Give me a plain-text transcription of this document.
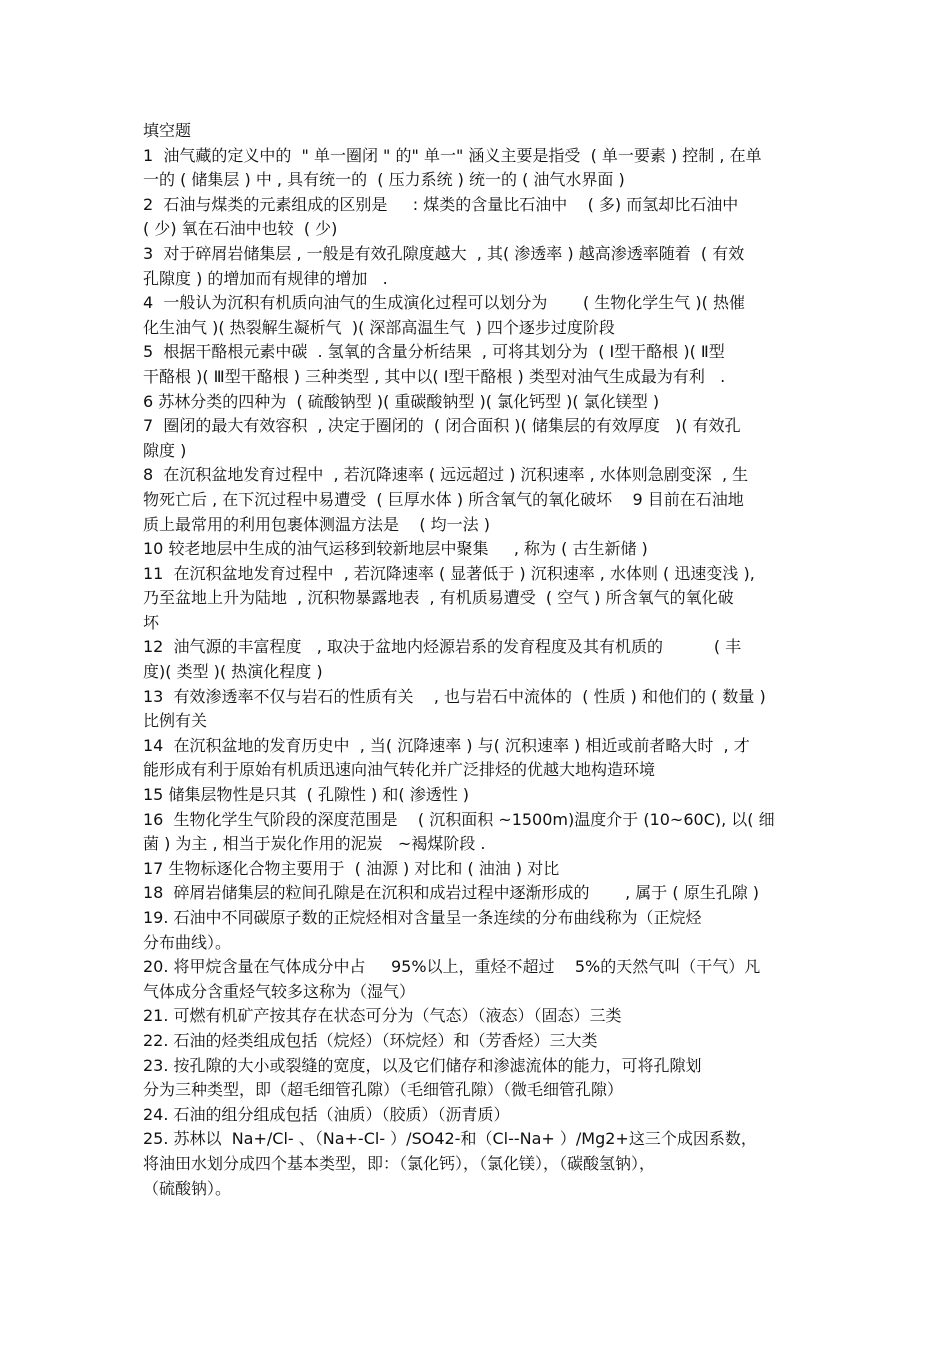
填空题
1  油气藏的定义中的  " 单一圈闭 " 的" 单一" 涵义主要是指受  ( 单一要素 ) 控制 , 在单
一的 ( 储集层 ) 中 , 具有统一的  ( 压力系统 ) 统一的 ( 油气水界面 )
2  石油与煤类的元素组成的区别是     : 煤类的含量比石油中    ( 多) 而氢却比石油中
( 少) 氧在石油中也较  ( 少)
3  对于碎屑岩储集层 , 一般是有效孔隙度越大  , 其( 渗透率 ) 越高渗透率随着  ( 有效
孔隙度 ) 的增加而有规律的增加   .
4  一般认为沉积有机质向油气的生成演化过程可以划分为       ( 生物化学生气 )( 热催
化生油气 )( 热裂解生凝析气  )( 深部高温生气  ) 四个逐步过度阶段
5  根据干酪根元素中碳  . 氢氧的含量分析结果  , 可将其划分为  ( Ⅰ型干酪根 )( Ⅱ型
干酪根 )( Ⅲ型干酪根 ) 三种类型 , 其中以( Ⅰ型干酪根 ) 类型对油气生成最为有利   .
6 苏林分类的四种为  ( 硫酸钠型 )( 重碳酸钠型 )( 氯化钙型 )( 氯化镁型 )
7  圈闭的最大有效容积  , 决定于圈闭的  ( 闭合面积 )( 储集层的有效厚度   )( 有效孔
隙度 )
8  在沉积盆地发育过程中  , 若沉降速率 ( 远远超过 ) 沉积速率 , 水体则急剧变深  , 生
物死亡后 , 在下沉过程中易遭受  ( 巨厚水体 ) 所含氧气的氧化破坏    9 目前在石油地
质上最常用的利用包裹体测温方法是    ( 均一法 )
10 较老地层中生成的油气运移到较新地层中聚集     , 称为 ( 古生新储 )
11  在沉积盆地发育过程中  , 若沉降速率 ( 显著低于 ) 沉积速率 , 水体则 ( 迅速变浅 ),
乃至盆地上升为陆地  , 沉积物暴露地表  , 有机质易遭受  ( 空气 ) 所含氧气的氧化破
坏
12  油气源的丰富程度   , 取决于盆地内烃源岩系的发育程度及其有机质的          ( 丰
度)( 类型 )( 热演化程度 )
13  有效渗透率不仅与岩石的性质有关    , 也与岩石中流体的  ( 性质 ) 和他们的 ( 数量 )
比例有关
14  在沉积盆地的发育历史中  , 当( 沉降速率 ) 与( 沉积速率 ) 相近或前者略大时  , 才
能形成有利于原始有机质迅速向油气转化并广泛排烃的优越大地构造环境
15 储集层物性是只其  ( 孔隙性 ) 和( 渗透性 )
16  生物化学生气阶段的深度范围是    ( 沉积面积 ~1500m)温度介于 (10~60C), 以( 细
菌 ) 为主 , 相当于炭化作用的泥炭   ~褐煤阶段 .
17 生物标逐化合物主要用于  ( 油源 ) 对比和 ( 油油 ) 对比
18  碎屑岩储集层的粒间孔隙是在沉积和成岩过程中逐渐形成的       , 属于 ( 原生孔隙 )
19. 石油中不同碳原子数的正烷烃相对含量呈一条连续的分布曲线称为（正烷烃
分布曲线）。
20. 将甲烷含量在气体成分中占     95%以上，重烃不超过    5%的天然气叫（干气）凡
气体成分含重烃气较多这称为（湿气）
21. 可燃有机矿产按其存在状态可分为（气态）（液态）（固态）三类
22. 石油的烃类组成包括（烷烃）（环烷烃）和（芳香烃）三大类
23. 按孔隙的大小或裂缝的宽度，以及它们储存和渗滤流体的能力，可将孔隙划
分为三种类型，即（超毛细管孔隙）（毛细管孔隙）（微毛细管孔隙）
24. 石油的组分组成包括（油质）（胶质）（沥青质）
25. 苏林以  Na+/Cl- 、（Na+-Cl- ）/SO42-和（Cl--Na+ ）/Mg2+这三个成因系数，
将油田水划分成四个基本类型，即：（氯化钙），（氯化镁），（碳酸氢钠），
（硫酸钠）。
